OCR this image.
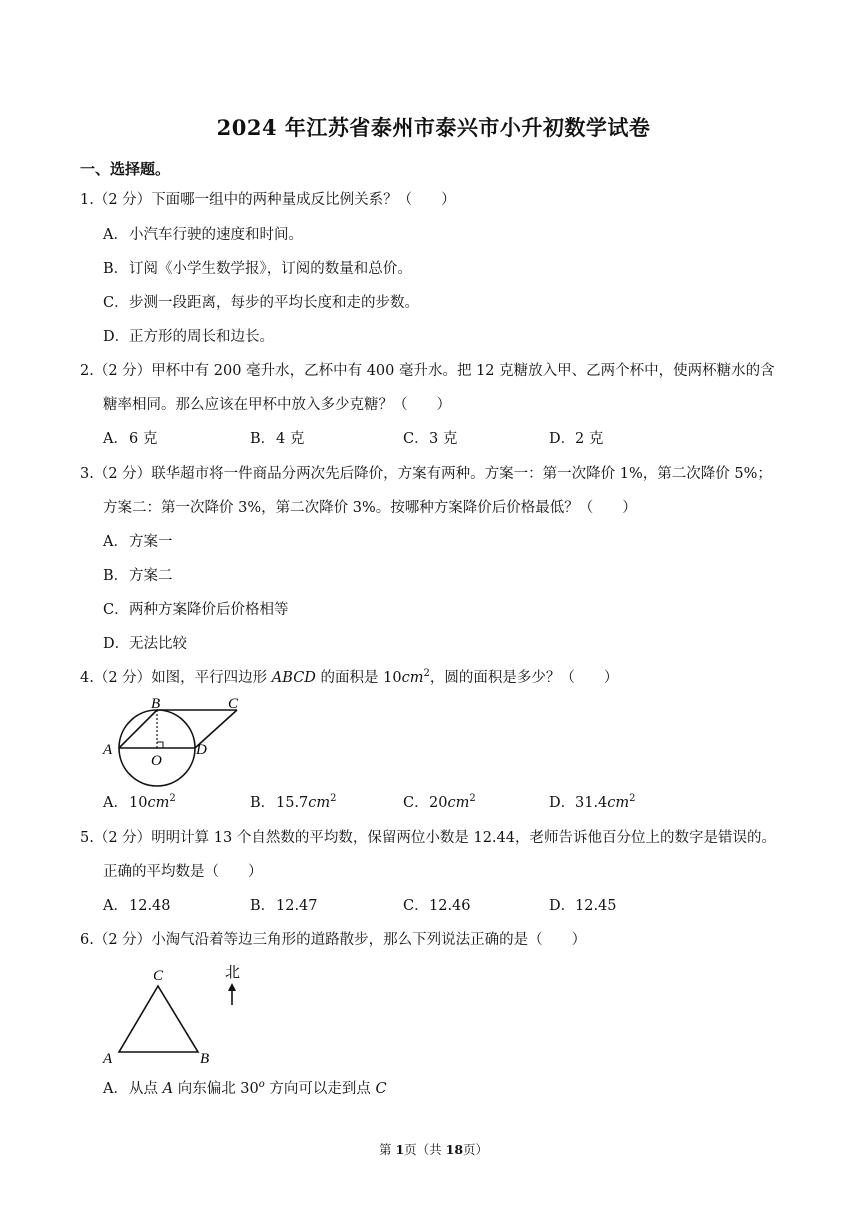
2024 年江苏省泰州市泰兴市小升初数学试卷
一、选择题。
1.（2 分）下面哪一组中的两种量成反比例关系？（　　）
A．小汽车行驶的速度和时间。
B．订阅《小学生数学报》，订阅的数量和总价。
C．步测一段距离，每步的平均长度和走的步数。
D．正方形的周长和边长。
2.（2 分）甲杯中有 200 毫升水，乙杯中有 400 毫升水。把 12 克糖放入甲、乙两个杯中，使两杯糖水的含
糖率相同。那么应该在甲杯中放入多少克糖？（　　）
A．6 克	B．4 克	C．3 克	D．2 克
3.（2 分）联华超市将一件商品分两次先后降价，方案有两种。方案一：第一次降价 1%，第二次降价 5%；
方案二：第一次降价 3%，第二次降价 3%。按哪种方案降价后价格最低？（　　）
A．方案一
B．方案二
C．两种方案降价后价格相等
D．无法比较
4.（2 分）如图，平行四边形 ABCD 的面积是 $10cm^2$，圆的面积是多少？（　　）
B	C
A	D
O
A．$10cm^2$	B．$15.7cm^2$	C．$20cm^2$	D．$31.4cm^2$
5.（2 分）明明计算 13 个自然数的平均数，保留两位小数是 12.44，老师告诉他百分位上的数字是错误的。
正确的平均数是（　　）
A．12.48	B．12.47	C．12.46	D．12.45
6.（2 分）小淘气沿着等边三角形的道路散步，那么下列说法正确的是（　　）
C
A	B
北
A．从点 A 向东偏北 30$^o$ 方向可以走到点 C
第 1页（共 18页）
